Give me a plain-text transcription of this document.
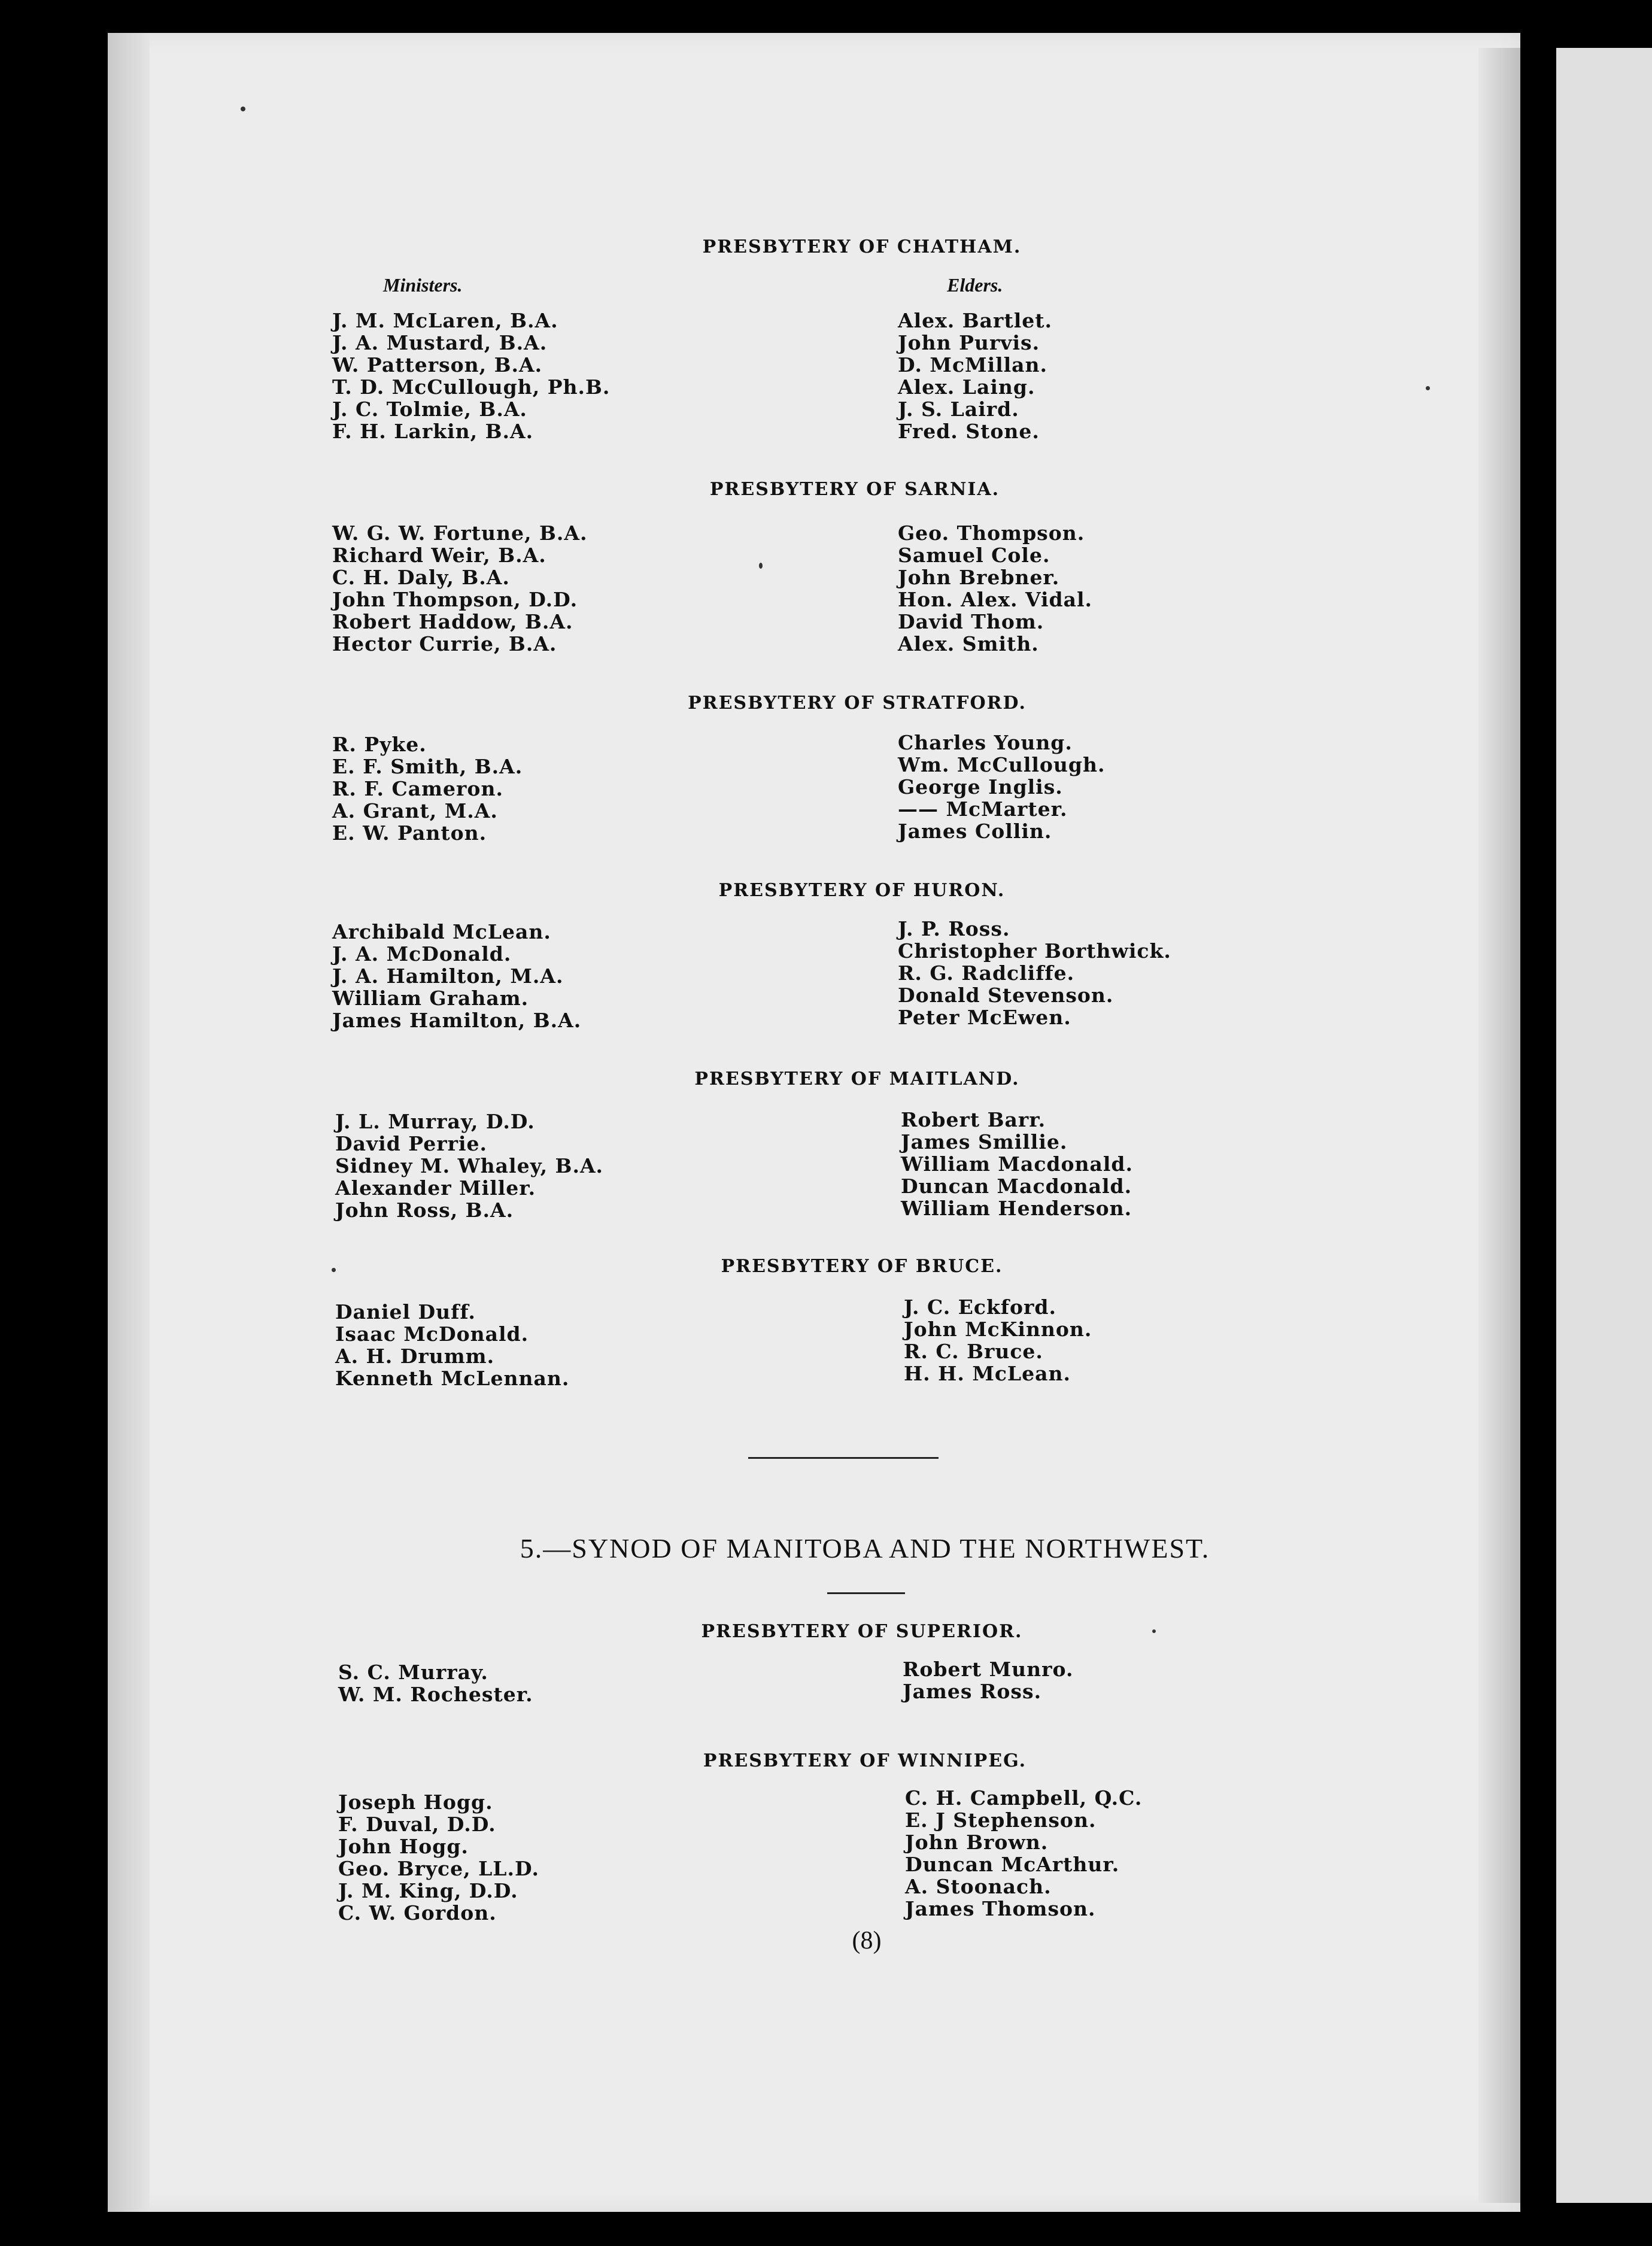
Ministers.	Elders.
PRESBYTERY OF CHATHAM.
J. M. McLaren, B.A.
J. A. Mustard, B.A.
W. Patterson, B.A.
T. D. McCullough, Ph.B.
J. C. Tolmie, B.A.
F. H. Larkin, B.A.
Alex. Bartlet.
John Purvis.
D. McMillan.
Alex. Laing.
J. S. Laird.
Fred. Stone.
PRESBYTERY OF SARNIA.
W. G. W. Fortune, B.A.
Richard Weir, B.A.
C. H. Daly, B.A.
John Thompson, D.D.
Robert Haddow, B.A.
Hector Currie, B.A.
Geo. Thompson.
Samuel Cole.
John Brebner.
Hon. Alex. Vidal.
David Thom.
Alex. Smith.
PRESBYTERY OF STRATFORD.
R. Pyke.
E. F. Smith, B.A.
R. F. Cameron.
A. Grant, M.A.
E. W. Panton.
Charles Young.
Wm. McCullough.
George Inglis.
—— McMarter.
James Collin.
PRESBYTERY OF HURON.
Archibald McLean.
J. A. McDonald.
J. A. Hamilton, M.A.
William Graham.
James Hamilton, B.A.
J. P. Ross.
Christopher Borthwick.
R. G. Radcliffe.
Donald Stevenson.
Peter McEwen.
PRESBYTERY OF MAITLAND.
J. L. Murray, D.D.
David Perrie.
Sidney M. Whaley, B.A.
Alexander Miller.
John Ross, B.A.
Robert Barr.
James Smillie.
William Macdonald.
Duncan Macdonald.
William Henderson.
PRESBYTERY OF BRUCE.
Daniel Duff.
Isaac McDonald.
A. H. Drumm.
Kenneth McLennan.
J. C. Eckford.
John McKinnon.
R. C. Bruce.
H. H. McLean.
5.—SYNOD OF MANITOBA AND THE NORTHWEST.
PRESBYTERY OF SUPERIOR.
S. C. Murray.
W. M. Rochester.
Robert Munro.
James Ross.
PRESBYTERY OF WINNIPEG.
Joseph Hogg.
F. Duval, D.D.
John Hogg.
Geo. Bryce, LL.D.
J. M. King, D.D.
C. W. Gordon.
C. H. Campbell, Q.C.
E. J Stephenson.
John Brown.
Duncan McArthur.
A. Stoonach.
James Thomson.
(8)
